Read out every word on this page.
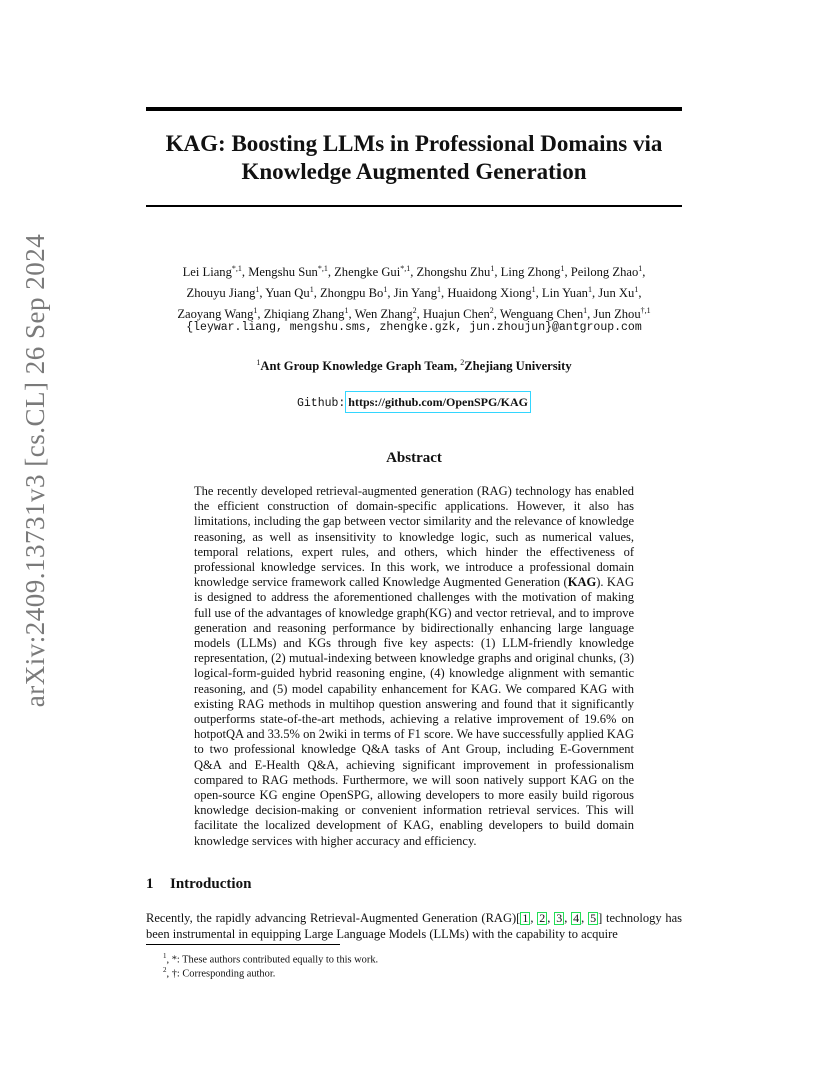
arXiv:2409.13731v3 [cs.CL] 26 Sep 2024
KAG: Boosting LLMs in Professional Domains via Knowledge Augmented Generation
Lei Liang$^{*,1}$, Mengshu Sun$^{*,1}$, Zhengke Gui$^{*,1}$, Zhongshu Zhu$^1$, Ling Zhong$^1$, Peilong Zhao$^1$,
Zhouyu Jiang$^1$, Yuan Qu$^1$, Zhongpu Bo$^1$, Jin Yang$^1$, Huaidong Xiong$^1$, Lin Yuan$^1$, Jun Xu$^1$,
Zaoyang Wang$^1$, Zhiqiang Zhang$^1$, Wen Zhang$^2$, Huajun Chen$^2$, Wenguang Chen$^1$, Jun Zhou$^{\dagger,1}$
{leywar.liang, mengshu.sms, zhengke.gzk, jun.zhoujun}@antgroup.com
$^1$Ant Group Knowledge Graph Team, $^2$Zhejiang University
Github: https://github.com/OpenSPG/KAG
Abstract

The recently developed retrieval-augmented generation (RAG) technology has enabled the efficient construction of domain-specific applications. However, it also has limitations, including the gap between vector similarity and the relevance of knowledge reasoning, as well as insensitivity to knowledge logic, such as numerical values, temporal relations, expert rules, and others, which hinder the effectiveness of professional knowledge services. In this work, we introduce a professional domain knowledge service framework called Knowledge Augmented Generation (KAG). KAG is designed to address the aforementioned challenges with the motivation of making full use of the advantages of knowledge graph(KG) and vector retrieval, and to improve generation and reasoning performance by bidirectionally enhancing large language models (LLMs) and KGs through five key aspects: (1) LLM-friendly knowledge representation, (2) mutual-indexing between knowledge graphs and original chunks, (3) logical-form-guided hybrid reasoning engine, (4) knowledge alignment with semantic reasoning, and (5) model capability enhancement for KAG. We compared KAG with existing RAG methods in multihop question answering and found that it significantly outperforms state-of-the-art methods, achieving a relative improvement of 19.6% on hotpotQA and 33.5% on 2wiki in terms of F1 score. We have successfully applied KAG to two professional knowledge Q&A tasks of Ant Group, including E-Government Q&A and E-Health Q&A, achieving significant improvement in professionalism compared to RAG methods. Furthermore, we will soon natively support KAG on the open-source KG engine OpenSPG, allowing developers to more easily build rigorous knowledge decision-making or convenient information retrieval services. This will facilitate the localized development of KAG, enabling developers to build domain knowledge services with higher accuracy and efficiency.

1 Introduction

Recently, the rapidly advancing Retrieval-Augmented Generation (RAG)[ 1 , 2 , 3 , 4 , 5 ] technology has been instrumental in equipping Large Language Models (LLMs) with the capability to acquire

$^1$, *: These authors contributed equally to this work.
$^2$, †: Corresponding author.
